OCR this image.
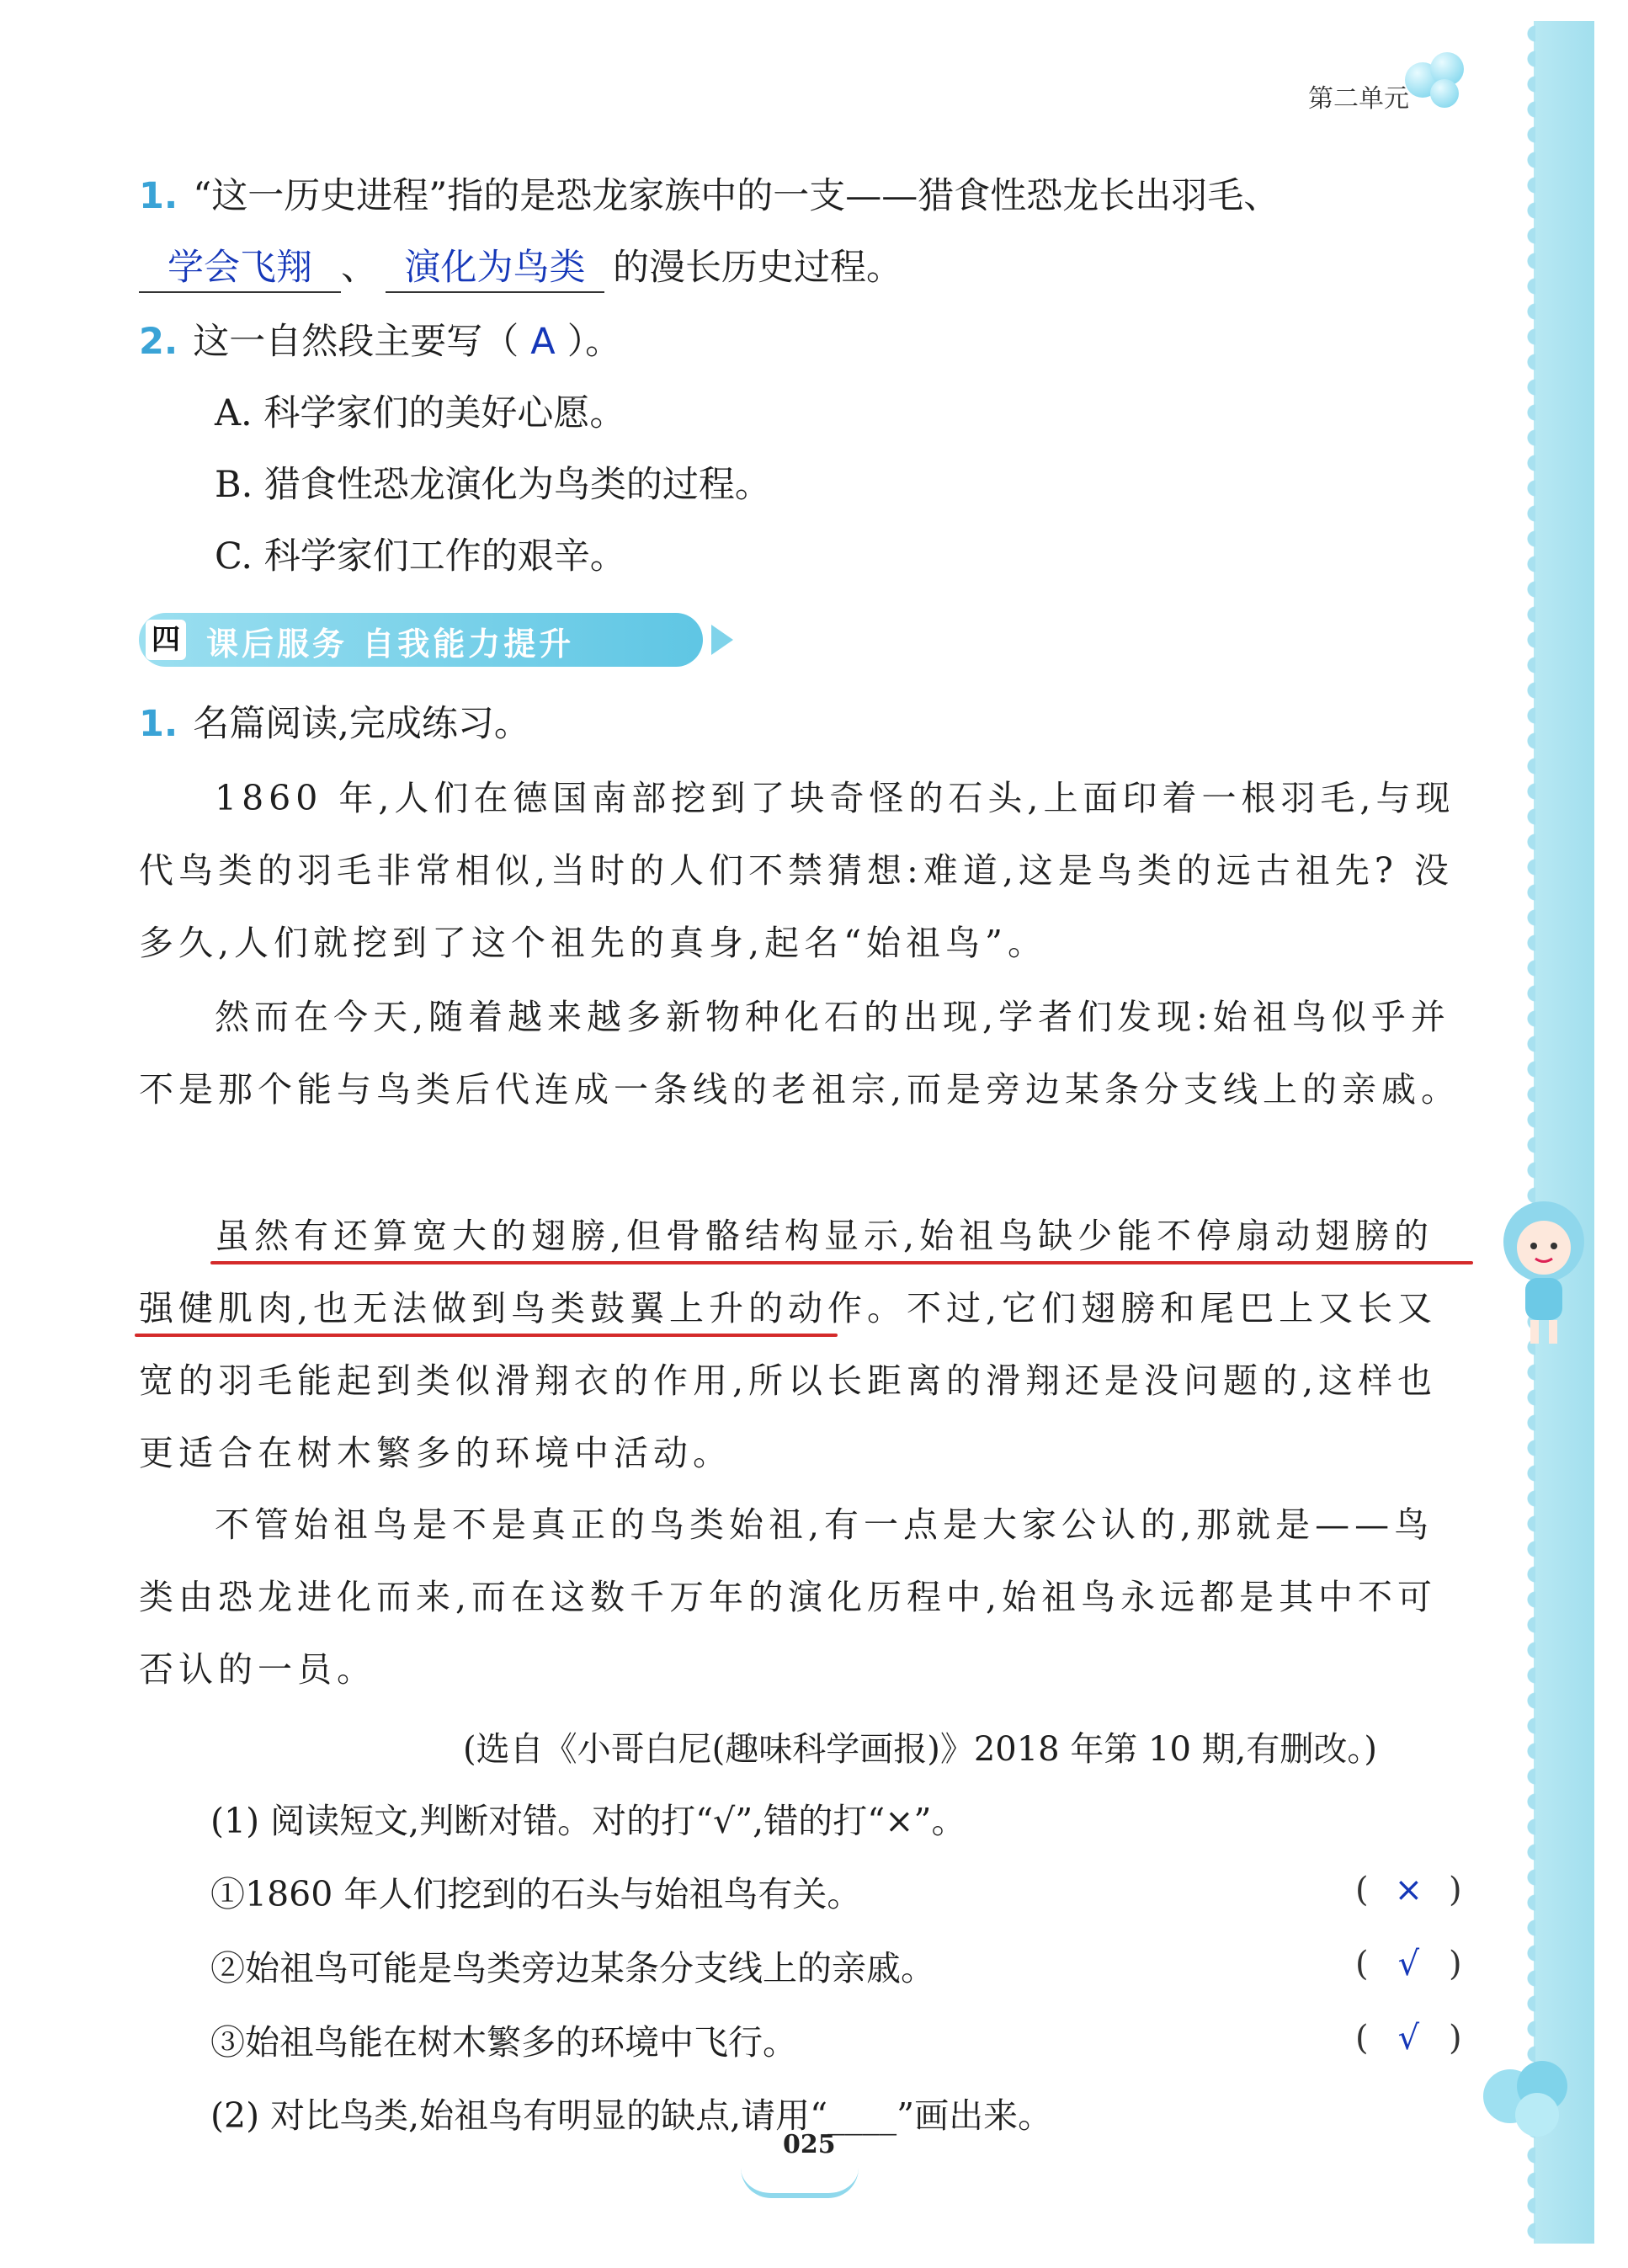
第二单元
1. “这一历史进程”指的是恐龙家族中的一支——猎食性恐龙长出羽毛、
学会飞翔 、 演化为鸟类 的漫长历史过程。
2. 这一自然段主要写（ A ）。
A. 科学家们的美好心愿。
B. 猎食性恐龙演化为鸟类的过程。
C. 科学家们工作的艰辛。
四 课后服务 自我能力提升
1. 名篇阅读,完成练习。
1860 年,人们在德国南部挖到了块奇怪的石头,上面印着一根羽毛,与现代鸟类的羽毛非常相似,当时的人们不禁猜想:难道,这是鸟类的远古祖先? 没多久,人们就挖到了这个祖先的真身,起名“始祖鸟”。
然而在今天,随着越来越多新物种化石的出现,学者们发现:始祖鸟似乎并不是那个能与鸟类后代连成一条线的老祖宗,而是旁边某条分支线上的亲戚。
虽然有还算宽大的翅膀,但骨骼结构显示,始祖鸟缺少能不停扇动翅膀的强健肌肉,也无法做到鸟类鼓翼上升的动作。不过,它们翅膀和尾巴上又长又宽的羽毛能起到类似滑翔衣的作用,所以长距离的滑翔还是没问题的,这样也更适合在树木繁多的环境中活动。
不管始祖鸟是不是真正的鸟类始祖,有一点是大家公认的,那就是——鸟类由恐龙进化而来,而在这数千万年的演化历程中,始祖鸟永远都是其中不可否认的一员。
(选自《小哥白尼(趣味科学画报)》2018 年第 10 期,有删改。)
(1) 阅读短文,判断对错。对的打“√”,错的打“×”。
①1860 年人们挖到的石头与始祖鸟有关。	( × )
②始祖鸟可能是鸟类旁边某条分支线上的亲戚。	( √ )
③始祖鸟能在树木繁多的环境中飞行。	( √ )
(2) 对比鸟类,始祖鸟有明显的缺点,请用“____”画出来。
025
